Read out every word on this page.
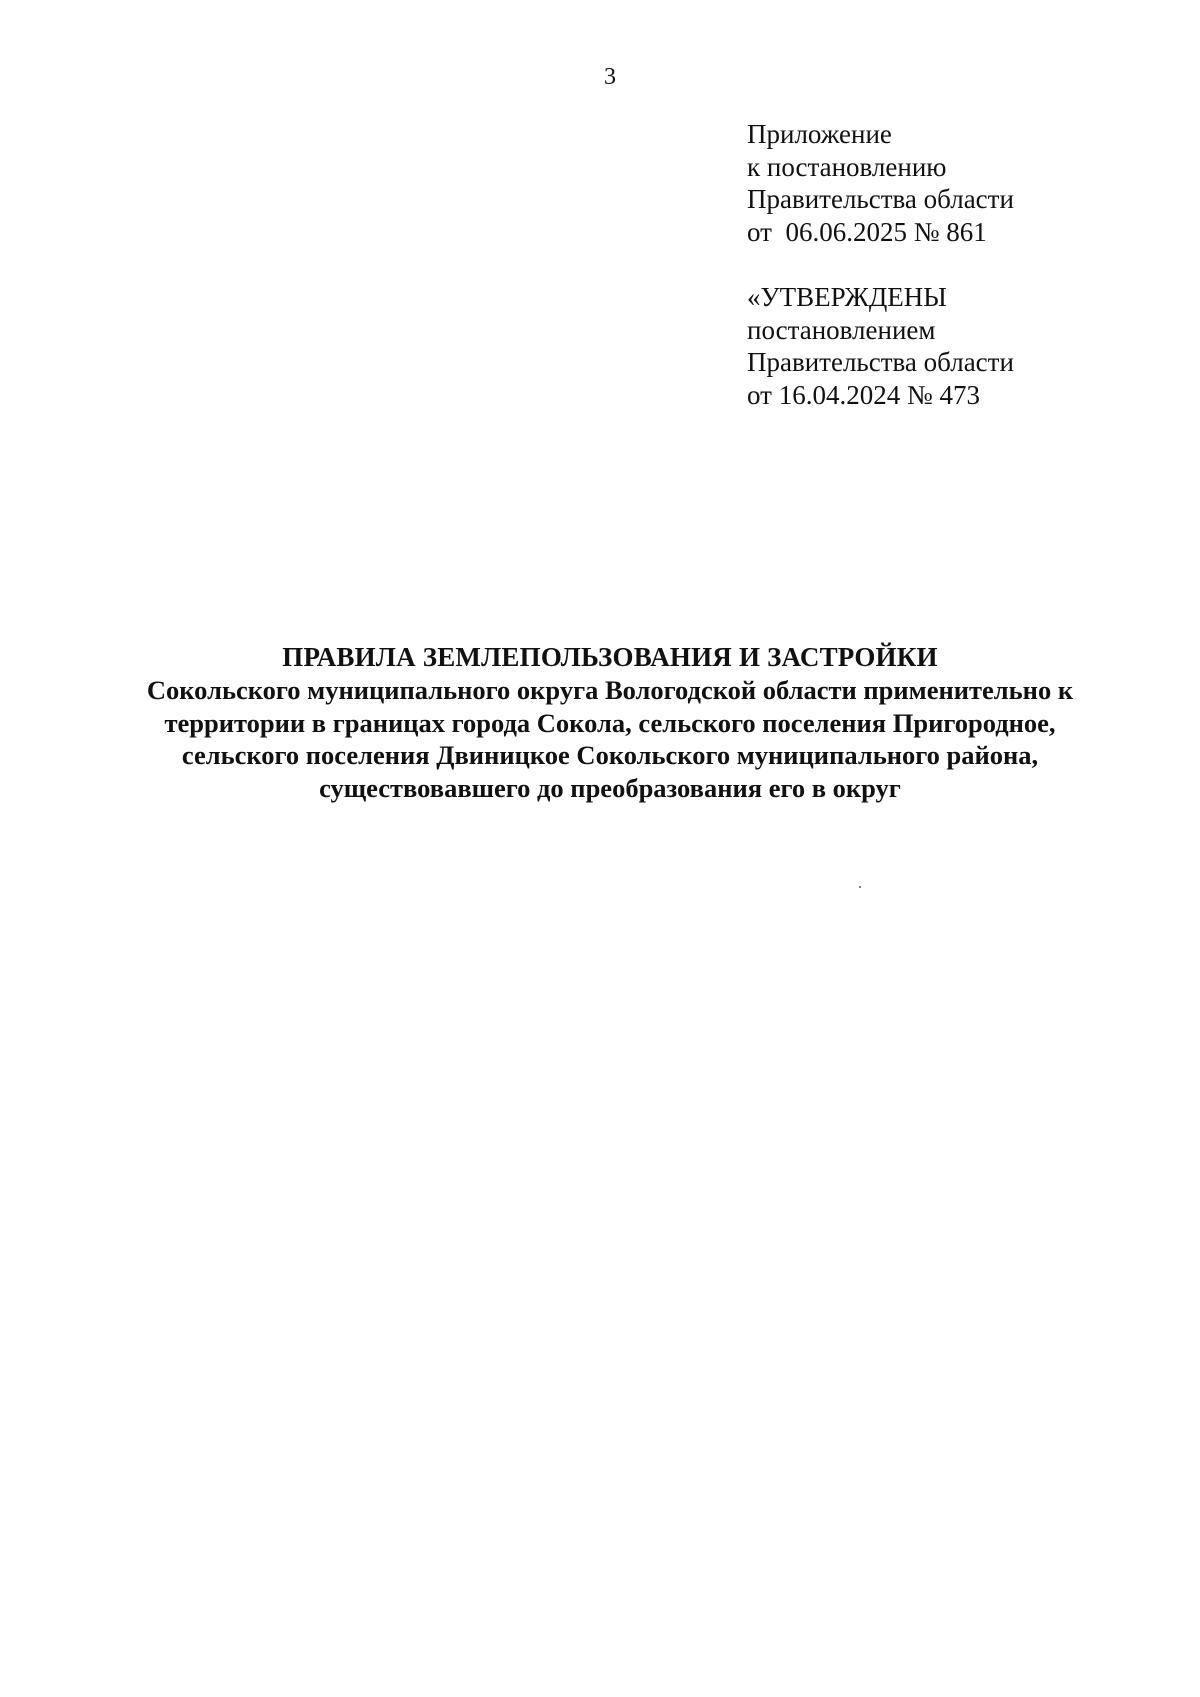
3
Приложение
к постановлению
Правительства области
от  06.06.2025 № 861
«УТВЕРЖДЕНЫ
постановлением
Правительства области
от 16.04.2024 № 473
ПРАВИЛА ЗЕМЛЕПОЛЬЗОВАНИЯ И ЗАСТРОЙКИ
Сокольского муниципального округа Вологодской области применительно к
территории в границах города Сокола, сельского поселения Пригородное,
сельского поселения Двиницкое Сокольского муниципального района,
существовавшего до преобразования его в округ
